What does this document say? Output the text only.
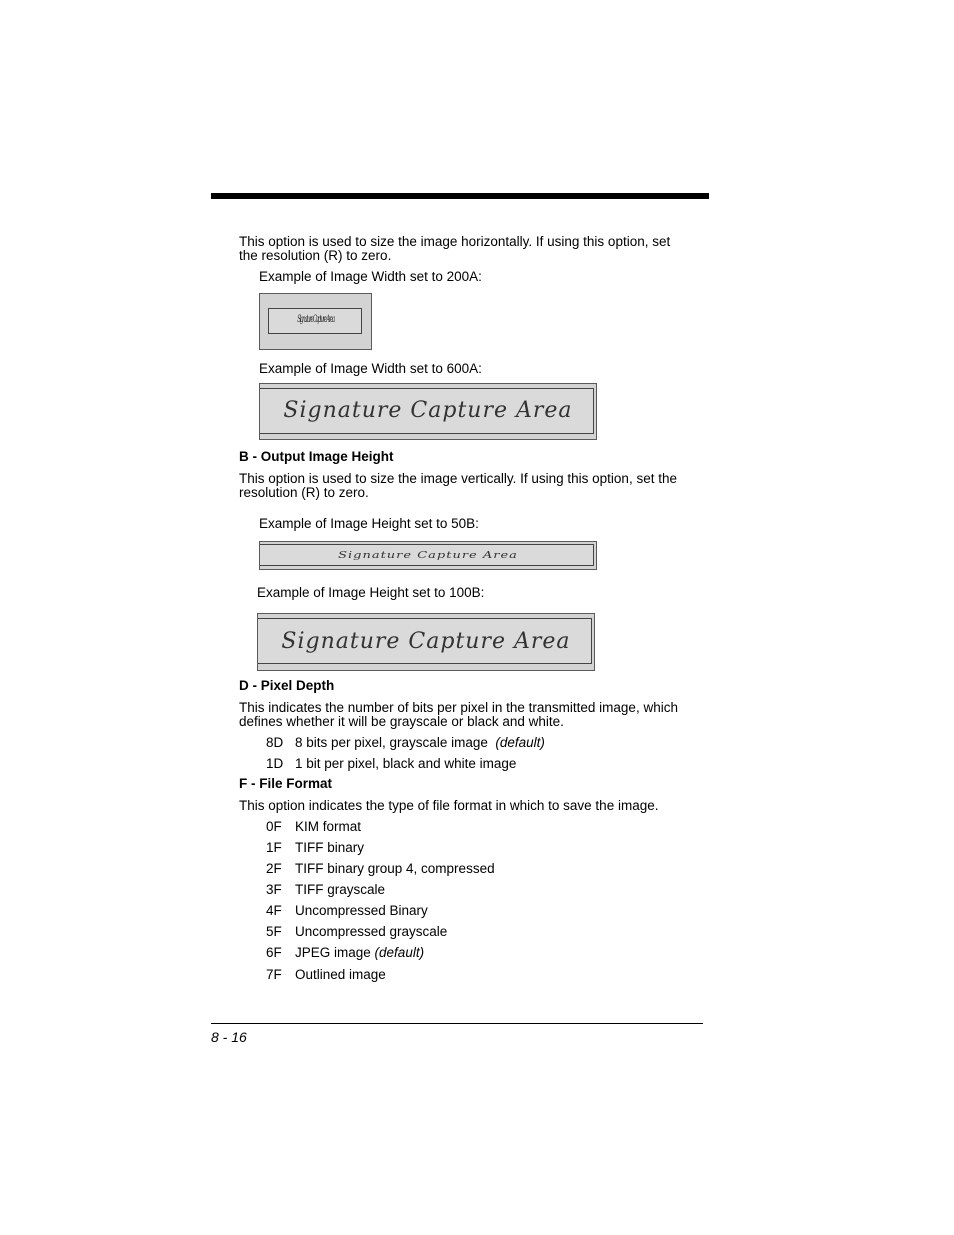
This option is used to size the image horizontally. If using this option, set
the resolution (R) to zero.
Example of Image Width set to 200A:
Signature Capture Area
Example of Image Width set to 600A:
Signature Capture Area
B - Output Image Height
This option is used to size the image vertically. If using this option, set the
resolution (R) to zero.
Example of Image Height set to 50B:
Signature Capture Area
Example of Image Height set to 100B:
Signature Capture Area
D - Pixel Depth
This indicates the number of bits per pixel in the transmitted image, which
defines whether it will be grayscale or black and white.
8D 8 bits per pixel, grayscale image (default)
1D 1 bit per pixel, black and white image
F - File Format
This option indicates the type of file format in which to save the image.
0F KIM format
1F TIFF binary
2F TIFF binary group 4, compressed
3F TIFF grayscale
4F Uncompressed Binary
5F Uncompressed grayscale
6F JPEG image (default)
7F Outlined image
8 - 16
